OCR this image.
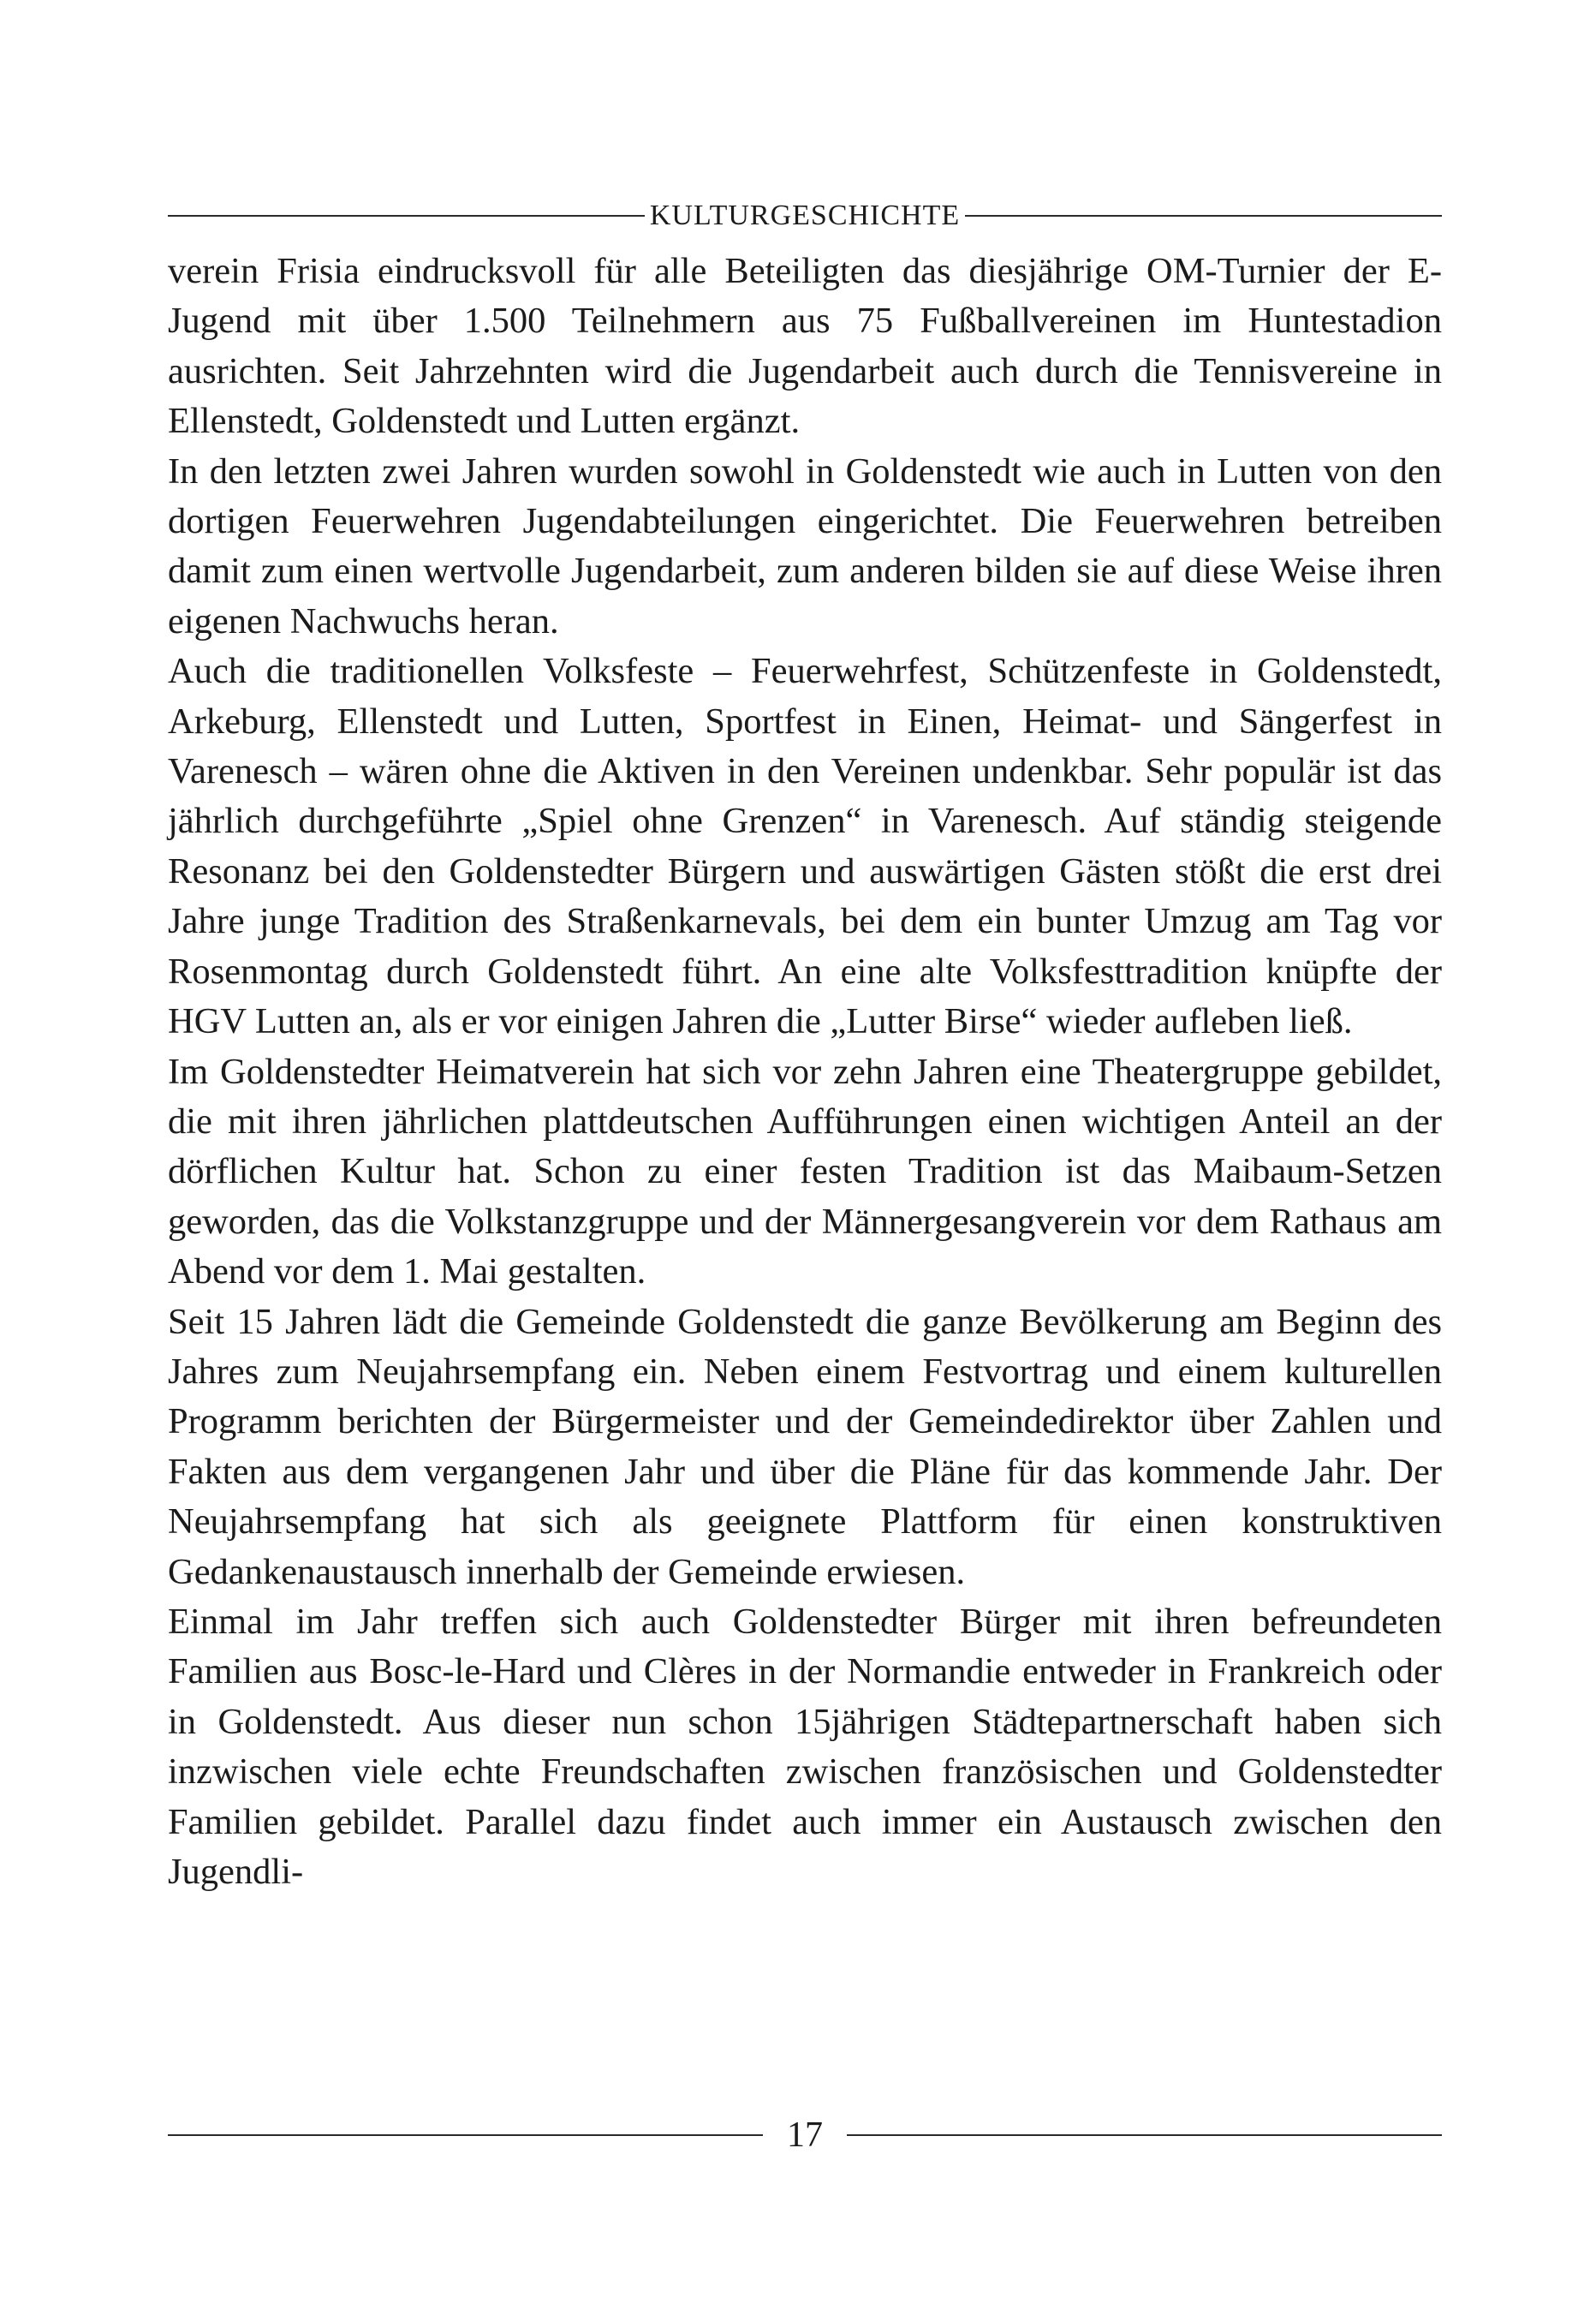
KULTURGESCHICHTE

verein Frisia eindrucksvoll für alle Beteiligten das diesjährige OM-Turnier der E-Jugend mit über 1.500 Teilnehmern aus 75 Fußballvereinen im Huntestadion ausrichten. Seit Jahrzehnten wird die Jugendarbeit auch durch die Tennisvereine in Ellenstedt, Goldenstedt und Lutten ergänzt.

In den letzten zwei Jahren wurden sowohl in Goldenstedt wie auch in Lutten von den dortigen Feuerwehren Jugendabteilungen eingerichtet. Die Feuerwehren betreiben damit zum einen wertvolle Jugendarbeit, zum anderen bilden sie auf diese Weise ihren eigenen Nachwuchs heran.

Auch die traditionellen Volksfeste – Feuerwehrfest, Schützenfeste in Goldenstedt, Arkeburg, Ellenstedt und Lutten, Sportfest in Einen, Heimat- und Sängerfest in Varenesch – wären ohne die Aktiven in den Vereinen undenkbar. Sehr populär ist das jährlich durchgeführte „Spiel ohne Grenzen“ in Varenesch. Auf ständig steigende Resonanz bei den Goldenstedter Bürgern und auswärtigen Gästen stößt die erst drei Jahre junge Tradition des Straßenkarnevals, bei dem ein bunter Umzug am Tag vor Rosenmontag durch Goldenstedt führt. An eine alte Volksfesttradition knüpfte der HGV Lutten an, als er vor einigen Jahren die „Lutter Birse“ wieder aufleben ließ.

Im Goldenstedter Heimatverein hat sich vor zehn Jahren eine Theatergruppe gebildet, die mit ihren jährlichen plattdeutschen Aufführungen einen wichtigen Anteil an der dörflichen Kultur hat. Schon zu einer festen Tradition ist das Maibaum-Setzen geworden, das die Volkstanzgruppe und der Männergesangverein vor dem Rathaus am Abend vor dem 1. Mai gestalten.

Seit 15 Jahren lädt die Gemeinde Goldenstedt die ganze Bevölkerung am Beginn des Jahres zum Neujahrsempfang ein. Neben einem Festvortrag und einem kulturellen Programm berichten der Bürgermeister und der Gemeindedirektor über Zahlen und Fakten aus dem vergangenen Jahr und über die Pläne für das kommende Jahr. Der Neujahrsempfang hat sich als geeignete Plattform für einen konstruktiven Gedankenaustausch innerhalb der Gemeinde erwiesen.

Einmal im Jahr treffen sich auch Goldenstedter Bürger mit ihren befreundeten Familien aus Bosc-le-Hard und Clères in der Normandie entweder in Frankreich oder in Goldenstedt. Aus dieser nun schon 15jährigen Städtepartnerschaft haben sich inzwischen viele echte Freundschaften zwischen französischen und Goldenstedter Familien gebildet. Parallel dazu findet auch immer ein Austausch zwischen den Jugendli-

17
